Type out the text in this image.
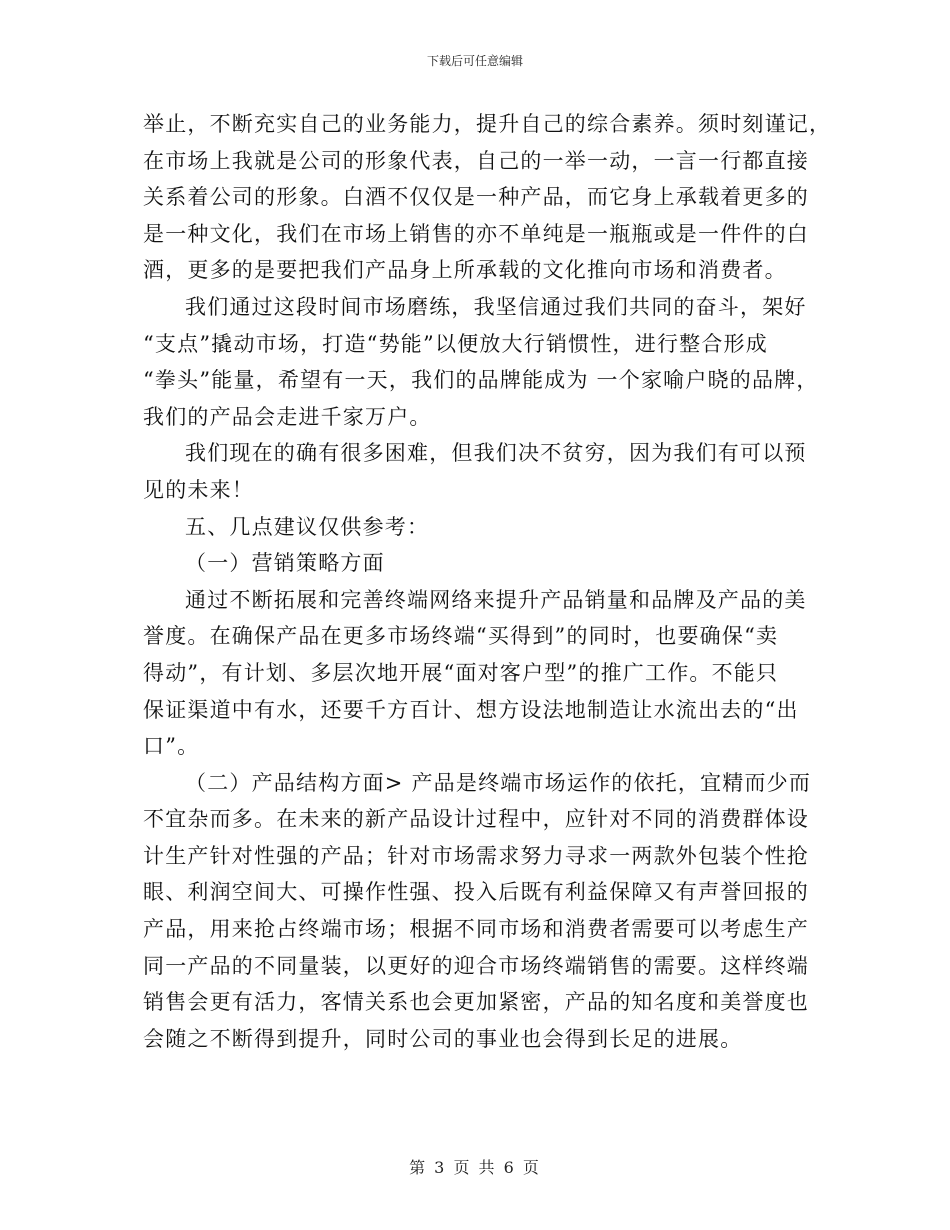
下载后可任意编辑
举止，不断充实自己的业务能力，提升自己的综合素养。须时刻谨记，
在市场上我就是公司的形象代表，自己的一举一动，一言一行都直接
关系着公司的形象。白酒不仅仅是一种产品，而它身上承载着更多的
是一种文化，我们在市场上销售的亦不单纯是一瓶瓶或是一件件的白
酒，更多的是要把我们产品身上所承载的文化推向市场和消费者。
我们通过这段时间市场磨练，我坚信通过我们共同的奋斗，架好
“支点”撬动市场，打造“势能”以便放大行销惯性，进行整合形成
“拳头”能量，希望有一天，我们的品牌能成为 一个家喻户晓的品牌，
我们的产品会走进千家万户。
我们现在的确有很多困难，但我们决不贫穷，因为我们有可以预
见的未来！
五、几点建议仅供参考：
（一）营销策略方面
通过不断拓展和完善终端网络来提升产品销量和品牌及产品的美
誉度。在确保产品在更多市场终端“买得到”的同时，也要确保“卖
得动”，有计划、多层次地开展“面对客户型”的推广工作。不能只
保证渠道中有水，还要千方百计、想方设法地制造让水流出去的“出
口”。
（二）产品结构方面> 产品是终端市场运作的依托，宜精而少而
不宜杂而多。在未来的新产品设计过程中，应针对不同的消费群体设
计生产针对性强的产品；针对市场需求努力寻求一两款外包装个性抢
眼、利润空间大、可操作性强、投入后既有利益保障又有声誉回报的
产品，用来抢占终端市场；根据不同市场和消费者需要可以考虑生产
同一产品的不同量装，以更好的迎合市场终端销售的需要。这样终端
销售会更有活力，客情关系也会更加紧密，产品的知名度和美誉度也
会随之不断得到提升，同时公司的事业也会得到长足的进展。
第 3 页 共 6 页
